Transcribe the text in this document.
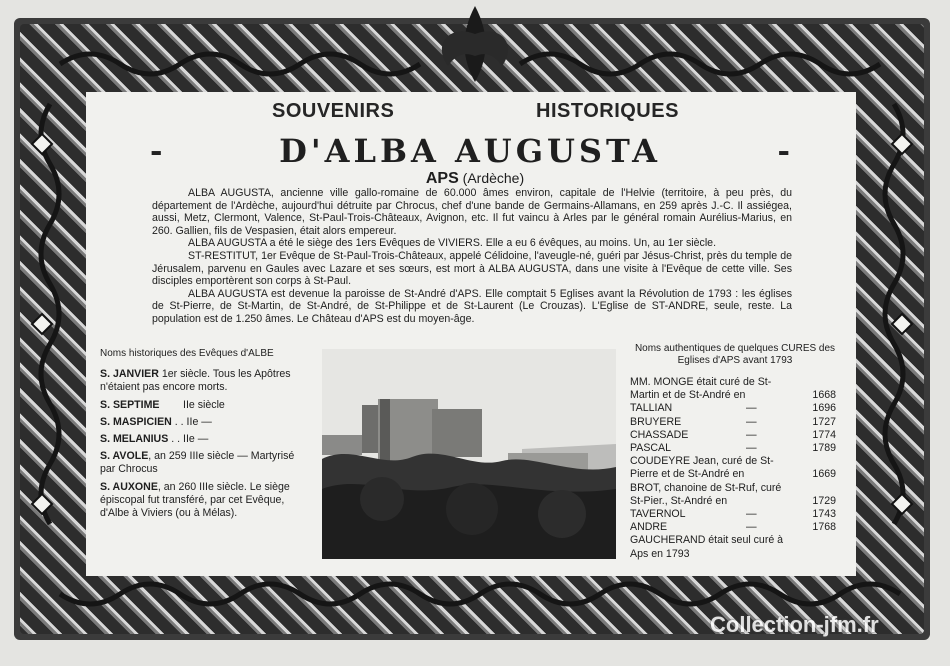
SOUVENIRS	HISTORIQUES
-	D'ALBA AUGUSTA	-
APS (Ardèche)

ALBA AUGUSTA, ancienne ville gallo-romaine de 60.000 âmes environ, capitale de l'Helvie (territoire, à peu près, du département de l'Ardèche, aujourd'hui détruite par Chrocus, chef d'une bande de Germains-Allamans, en 259 après J.-C. Il assiégea, aussi, Metz, Clermont, Valence, St-Paul-Trois-Châteaux, Avignon, etc. Il fut vaincu à Arles par le général romain Aurélius-Marius, en 260. Gallien, fils de Vespasien, était alors empereur.

ALBA AUGUSTA a été le siège des 1ers Evêques de VIVIERS. Elle a eu 6 évêques, au moins. Un, au 1er siècle.

ST-RESTITUT, 1er Evêque de St-Paul-Trois-Châteaux, appelé Célidoine, l'aveugle-né, guéri par Jésus-Christ, près du temple de Jérusalem, parvenu en Gaules avec Lazare et ses sœurs, est mort à ALBA AUGUSTA, dans une visite à l'Evêque de cette ville. Ses disciples emportèrent son corps à St-Paul.

ALBA AUGUSTA est devenue la paroisse de St-André d'APS. Elle comptait 5 Eglises avant la Révolution de 1793 : les églises de St-Pierre, de St-Martin, de St-André, de St-Philippe et de St-Laurent (Le Crouzas). L'Eglise de ST-ANDRE, seule, reste. La population est de 1.250 âmes. Le Château d'APS est du moyen-âge.

Noms historiques des Evêques d'ALBE
S. JANVIER 1er siècle. Tous les Apôtres n'étaient pas encore morts.
S. SEPTIME IIe siècle
S. MASPICIEN . . IIe —
S. MELANIUS . . IIe —
S. AVOLE, an 259 IIIe siècle — Martyrisé par Chrocus
S. AUXONE, an 260 IIIe siècle. Le siège épiscopal fut transféré, par cet Evêque, d'Albe à Viviers (ou à Mélas).
Noms authentiques de quelques CURES des Eglises d'APS avant 1793
MM. MONGE était curé de St-Martin et de St-André en	1668
TALLIAN	—	1696
BRUYERE	—	1727
CHASSADE	—	1774
PASCAL	—	1789
COUDEYRE Jean, curé de St-Pierre et de St-André en	1669
BROT, chanoine de St-Ruf, curé St-Pier., St-André en	1729
TAVERNOL	—	1743
ANDRE	—	1768
GAUCHERAND était seul curé à Aps en 1793
Collection-jfm.fr
